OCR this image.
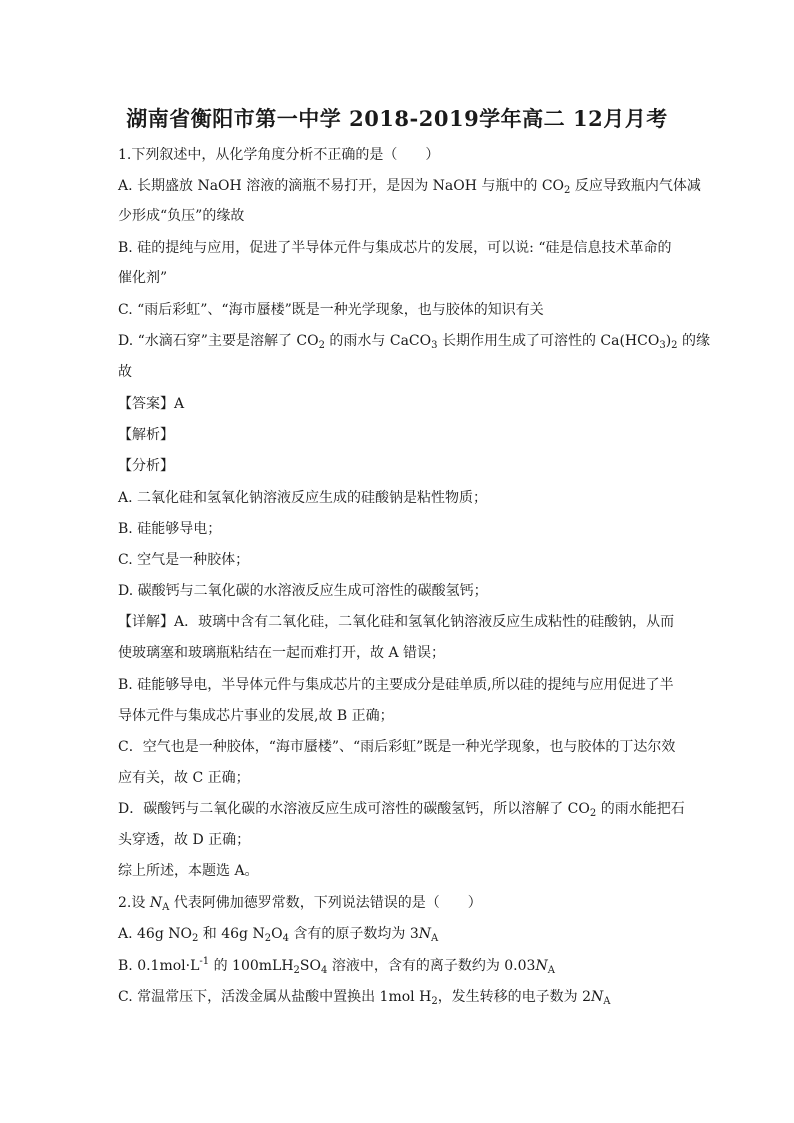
湖南省衡阳市第一中学 2018-2019学年高二 12月月考
1.下列叙述中，从化学角度分析不正确的是（　　）
A. 长期盛放 NaOH 溶液的滴瓶不易打开，是因为 NaOH 与瓶中的 $CO_2$ 反应导致瓶内气体减
少形成“负压”的缘故
B. 硅的提纯与应用，促进了半导体元件与集成芯片的发展，可以说: “硅是信息技术革命的
催化剂”
C. “雨后彩虹”、“海市蜃楼”既是一种光学现象，也与胶体的知识有关
D. “水滴石穿”主要是溶解了 $CO_2$ 的雨水与 CaCO$_3$ 长期作用生成了可溶性的 $Ca(HCO_3)_2$ 的缘
故
【答案】A
【解析】
【分析】
A. 二氧化硅和氢氧化钠溶液反应生成的硅酸钠是粘性物质；
B. 硅能够导电；
C. 空气是一种胶体；
D. 碳酸钙与二氧化碳的水溶液反应生成可溶性的碳酸氢钙；
【详解】A．玻璃中含有二氧化硅，二氧化硅和氢氧化钠溶液反应生成粘性的硅酸钠，从而
使玻璃塞和玻璃瓶粘结在一起而难打开，故 A 错误；
B. 硅能够导电，半导体元件与集成芯片的主要成分是硅单质,所以硅的提纯与应用促进了半
导体元件与集成芯片事业的发展,故 B 正确；
C．空气也是一种胶体，“海市蜃楼”、“雨后彩虹”既是一种光学现象，也与胶体的丁达尔效
应有关，故 C 正确；
D．碳酸钙与二氧化碳的水溶液反应生成可溶性的碳酸氢钙，所以溶解了 $CO_2$ 的雨水能把石
头穿透，故 D 正确；
综上所述，本题选 A。
2.设 $N_A$ 代表阿佛加德罗常数，下列说法错误的是（　　）
A. 46g $NO_2$ 和 46g $N_2O_4$ 含有的原子数均为 $3N_A$
B. $0.1mol\cdot L^{-1}$ 的 $100mLH_2SO_4$ 溶液中，含有的离子数约为 $0.03N_A$
C. 常温常压下，活泼金属从盐酸中置换出 1mol $H_2$，发生转移的电子数为 $2N_A$
